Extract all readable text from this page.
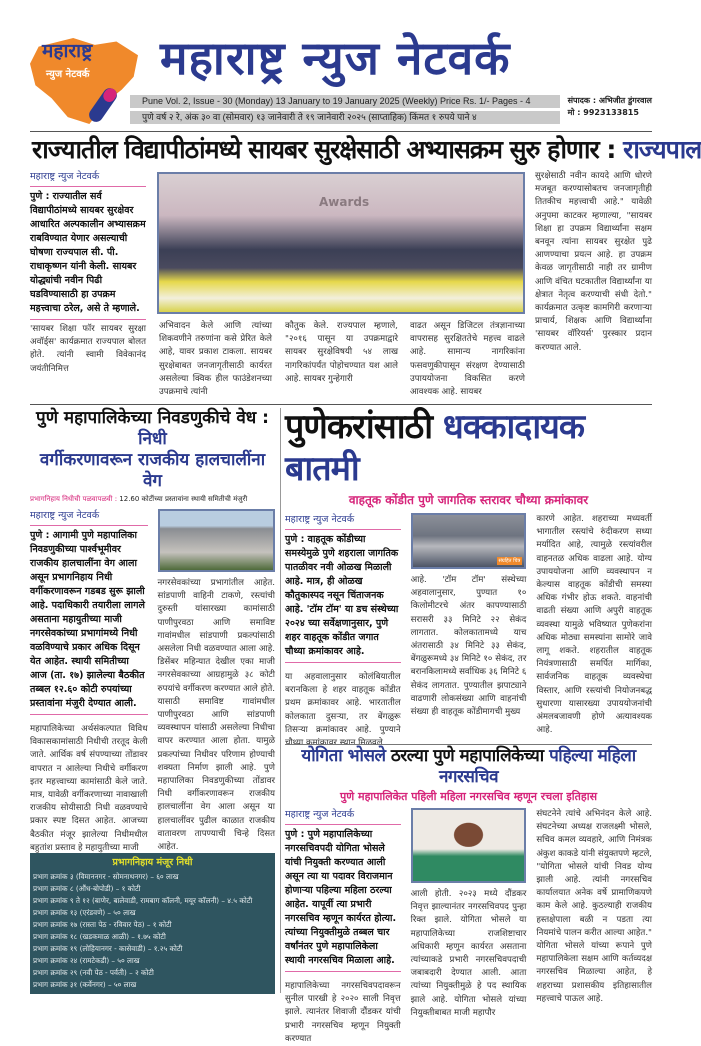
महाराष्ट्र
न्युज नेटवर्क महाराष्ट्र न्युज नेटवर्क
Pune Vol. 2, Issue - 30 (Monday) 13 January to 19 January 2025 (Weekly) Price Rs. 1/- Pages - 4
पुणे वर्ष २ रे, अंक ३० वा (सोमवार) १३ जानेवारी ते १९ जानेवारी २०२५ (साप्ताहिक) किंमत १ रुपये पाने ४
संपादक : अभिजीत डुंगरवाल
मो : 9923133815
राज्यातील विद्यापीठांमध्ये सायबर सुरक्षेसाठी अभ्यासक्रम सुरु होणार : राज्यपाल
महाराष्ट्र न्युज नेटवर्क
पुणे : राज्यातील सर्व विद्यापीठांमध्ये सायबर सुरक्षेवर आधारित अल्पकालीन अभ्यासक्रम राबविण्यात येणार असल्याची घोषणा राज्यपाल सी. पी. राधाकृष्णन यांनी केली. सायबर योद्ध्यांची नवीन पिढी घडविण्यासाठी हा उपक्रम महत्त्वाचा ठरेल, असे ते म्हणाले.
'सायबर शिक्षा फॉर सायबर सुरक्षा अवॉर्ड्स' कार्यक्रमात राज्यपाल बोलत होते. त्यांनी स्वामी विवेकानंद जयंतीनिमित्त
Awards
अभिवादन केले आणि त्यांच्या शिकवणीने तरुणांना कसे प्रेरित केले आहे, यावर प्रकाश टाकला. सायबर सुरक्षेबाबत जनजागृतीसाठी कार्यरत असलेल्या क्विक हील फाउंडेशनच्या उपक्रमाचे त्यांनी
कौतुक केले. राज्यपाल म्हणाले, "२०१६ पासून या उपक्रमाद्वारे सायबर सुरक्षेविषयी ५४ लाख नागरिकांपर्यंत पोहोचण्यात यश आले आहे. सायबर गुन्हेगारी
वाढत असून डिजिटल तंत्रज्ञानाच्या वापरासह सुरक्षिततेचे महत्त्व वाढले आहे. सामान्य नागरिकांना फसवणुकीपासून संरक्षण देण्यासाठी उपाययोजना विकसित करणे आवश्यक आहे. सायबर
सुरक्षेसाठी नवीन कायदे आणि धोरणे मजबूत करण्यासोबतच जनजागृतीही तितकीच महत्त्वाची आहे." यावेळी अनुपमा काटकर म्हणाल्या, "सायबर शिक्षा हा उपक्रम विद्यार्थ्यांना सक्षम बनवून त्यांना सायबर सुरक्षेत पुढे आणण्याचा प्रयत्न आहे. हा उपक्रम केवळ जागृतीसाठी नाही तर ग्रामीण आणि वंचित घटकातील विद्यार्थ्यांना या क्षेत्रात नेतृत्व करण्याची संधी देतो." कार्यक्रमात उत्कृष्ट कामगिरी करणाऱ्या प्राचार्य, शिक्षक आणि विद्यार्थ्यांना 'सायबर वॉरियर्स' पुरस्कार प्रदान करण्यात आले.
पुणे महापालिकेच्या निवडणुकीचे वेध : निधी
वर्गीकरणावरून राजकीय हालचालींना वेग
प्रभागनिहाय निधीची पळवापळवी : 12.60 कोटींच्या प्रस्तावांना स्थायी समितीची मंजुरी
महाराष्ट्र न्युज नेटवर्क
पुणे : आगामी पुणे महापालिका निवडणुकीच्या पार्श्वभूमीवर राजकीय हालचालींना वेग आला असून प्रभागनिहाय निधी वर्गीकरणावरून गडबड सुरू झाली आहे. पदाधिकारी तयारीला लागले असताना महायुतीच्या माजी नगरसेवकांच्या प्रभागांमध्ये निधी वळविण्याचे प्रकार अधिक दिसून येत आहेत. स्थायी समितीच्या आज (ता. १७) झालेल्या बैठकीत तब्बल १२.६० कोटी रुपयांच्या प्रस्तावांना मंजुरी देण्यात आली.
महापालिकेच्या अर्थसंकल्पात विविध विकासकामांसाठी निधीची तरतूद केली जाते. आर्थिक वर्ष संपण्याच्या तोंडावर वापरात न आलेल्या निधीचे वर्गीकरण इतर महत्त्वाच्या कामांसाठी केले जाते. मात्र, यावेळी वर्गीकरणाच्या नावाखाली राजकीय सोयीसाठी निधी वळवण्याचे प्रकार स्पष्ट दिसत आहेत. आजच्या बैठकीत मंजूर झालेल्या निधीमधील बहुतांश प्रस्ताव हे महायुतीच्या माजी
नगरसेवकांच्या प्रभागांतील आहेत. सांडपाणी वाहिनी टाकणे, रस्त्यांची दुरुस्ती यांसारख्या कामांसाठी पाणीपुरवठा आणि समाविष्ट गावांमधील सांडपाणी प्रकल्पांसाठी असलेला निधी वळवण्यात आला आहे. डिसेंबर महिन्यात देखील एका माजी नगरसेवकाच्या आग्रहामुळे ३८ कोटी रुपयांचे वर्गीकरण करण्यात आले होते. यासाठी समाविष्ट गावांमधील पाणीपुरवठा आणि सांडपाणी व्यवस्थापन यांसाठी असलेल्या निधीचा वापर करण्यात आला होता. यामुळे प्रकल्पांच्या निधीवर परिणाम होण्याची शक्यता निर्माण झाली आहे. पुणे महापालिका निवडणुकीच्या तोंडावर निधी वर्गीकरणावरून राजकीय हालचालींना वेग आला असून या हालचालींवर पुढील काळात राजकीय वातावरण तापण्याची चिन्हे दिसत आहेत.
प्रभागनिहाय मंजूर निधी
प्रभाग क्रमांक ३ (विमाननगर - सोमनाथनगर) – ६० लाख
प्रभाग क्रमांक ८ (औंध-बोपोडी) – १ कोटी
प्रभाग क्रमांक ९ ते १२ (बाणेर, बालेवाडी, रामबाग कॉलनी, मयूर कॉलनी) – ४.५ कोटी
प्रभाग क्रमांक १३ (एरंडवणे) – ५० लाख
प्रभाग क्रमांक १७ (रास्ता पेठ - रविवार पेठ) – १ कोटी
प्रभाग क्रमांक १८ (खडकमाळ आळी) – १.७५ कोटी
प्रभाग क्रमांक १९ (लोहियानगर - कासेवाडी) – १.२५ कोटी
प्रभाग क्रमांक २४ (रामटेकडी) – ५० लाख
प्रभाग क्रमांक २९ (नवी पेठ - पर्वती) – २ कोटी
प्रभाग क्रमांक ३१ (कर्वेनगर) – ५० लाख
पुणेकरांसाठी धक्कादायक बातमी
वाहतूक कोंडीत पुणे जागतिक स्तरावर चौथ्या क्रमांकावर
महाराष्ट्र न्युज नेटवर्क
पुणे : वाहतूक कोंडीच्या समस्येमुळे पुणे शहराला जागतिक पातळीवर नवी ओळख मिळाली आहे. मात्र, ही ओळख कौतुकास्पद नसून चिंताजनक आहे. 'टॉम टॉम' या डच संस्थेच्या २०२४ च्या सर्वेक्षणानुसार, पुणे शहर वाहतूक कोंडीत जगात चौथ्या क्रमांकावर आहे.
या अहवालानुसार कोलंबियातील बरानकिला हे शहर वाहतूक कोंडीत प्रथम क्रमांकावर आहे. भारतातील कोलकाता दुसऱ्या, तर बेंगळुरू तिसऱ्या क्रमांकावर आहे. पुण्याने
संग्रहित चित्र
आहे. 'टॉम टॉम' संस्थेच्या अहवालानुसार, पुण्यात १० किलोमीटरचे अंतर कापण्यासाठी सरासरी ३३ मिनिटे २२ सेकंद लागतात. कोलकातामध्ये याच अंतरासाठी ३४ मिनिटे ३३ सेकंद, बेंगळुरूमध्ये ३४ मिनिटे १० सेकंद, तर बरानकिलामध्ये सर्वाधिक ३६ मिनिटे ६ सेकंद लागतात. पुण्यातील झपाट्याने वाढणारी लोकसंख्या आणि वाहनांची संख्या ही वाहतूक कोंडीमागची मुख्य
कारणे आहेत. शहराच्या मध्यवर्ती भागातील रस्त्यांचे रुंदीकरण सध्या मर्यादित आहे, त्यामुळे रस्त्यांवरील वाहनतळ अधिक वाढला आहे. योग्य उपाययोजना आणि व्यवस्थापन न केल्यास वाहतूक कोंडीची समस्या अधिक गंभीर होऊ शकते. वाहनांची वाढती संख्या आणि अपुरी वाहतूक व्यवस्था यामुळे भविष्यात पुणेकरांना अधिक मोठ्या समस्यांना सामोरे जावे लागू शकते. शहरातील वाहतूक नियंत्रणासाठी समर्पित मार्गिका, सार्वजनिक वाहतूक व्यवस्थेचा विस्तार, आणि रस्त्यांची नियोजनबद्ध सुधारणा यासारख्या उपाययोजनांची अंमलबजावणी होणे अत्यावश्यक आहे.
योगिता भोसले ठरल्या पुणे महापालिकेच्या पहिल्या महिला नगरसचिव
पुणे महापालिकेत पहिली महिला नगरसचिव म्हणून रचला इतिहास
महाराष्ट्र न्युज नेटवर्क
पुणे : पुणे महापालिकेच्या नगरसचिवपदी योगिता भोसले यांची नियुक्ती करण्यात आली असून त्या या पदावर विराजमान होणाऱ्या पहिल्या महिला ठरल्या आहेत. यापूर्वी त्या प्रभारी नगरसचिव म्हणून कार्यरत होत्या. त्यांच्या नियुक्तीमुळे तब्बल चार वर्षांनंतर पुणे महापालिकेला स्थायी नगरसचिव मिळाला आहे.
महापालिकेच्या नगरसचिवपदावरून सुनील पारखी हे २०२० साली निवृत्त झाले. त्यानंतर शिवाजी दौंडकर यांची प्रभारी नगरसचिव म्हणून नियुक्ती करण्यात
आली होती. २०२३ मध्ये दौंडकर निवृत्त झाल्यानंतर नगरसचिवपद पुन्हा रिक्त झाले. योगिता भोसले या महापालिकेच्या राजशिष्टाचार अधिकारी म्हणून कार्यरत असताना त्यांच्याकडे प्रभारी नगरसचिवपदाची जबाबदारी देण्यात आली. आता त्यांच्या नियुक्तीमुळे हे पद स्थायिक झाले आहे. योगिता भोसले यांच्या नियुक्तीबाबत माजी महापौर
संघटनेने त्यांचे अभिनंदन केले आहे. संघटनेच्या अध्यक्ष राजलक्ष्मी भोसले, सचिव कमल व्यवहारे, आणि निमंत्रक अंकुश काकडे यांनी संयुक्तपणे म्हटले, "योगिता भोसले यांची निवड योग्य झाली आहे. त्यांनी नगरसचिव कार्यालयात अनेक वर्षे प्रामाणिकपणे काम केले आहे. कुठल्याही राजकीय हस्तक्षेपाला बळी न पडता त्या नियमांचे पालन करीत आल्या आहेत." योगिता भोसले यांच्या रूपाने पुणे महापालिकेला सक्षम आणि कर्तव्यदक्ष नगरसचिव मिळाल्या आहेत, हे शहराच्या प्रशासकीय इतिहासातील महत्त्वाचे पाऊल आहे.
